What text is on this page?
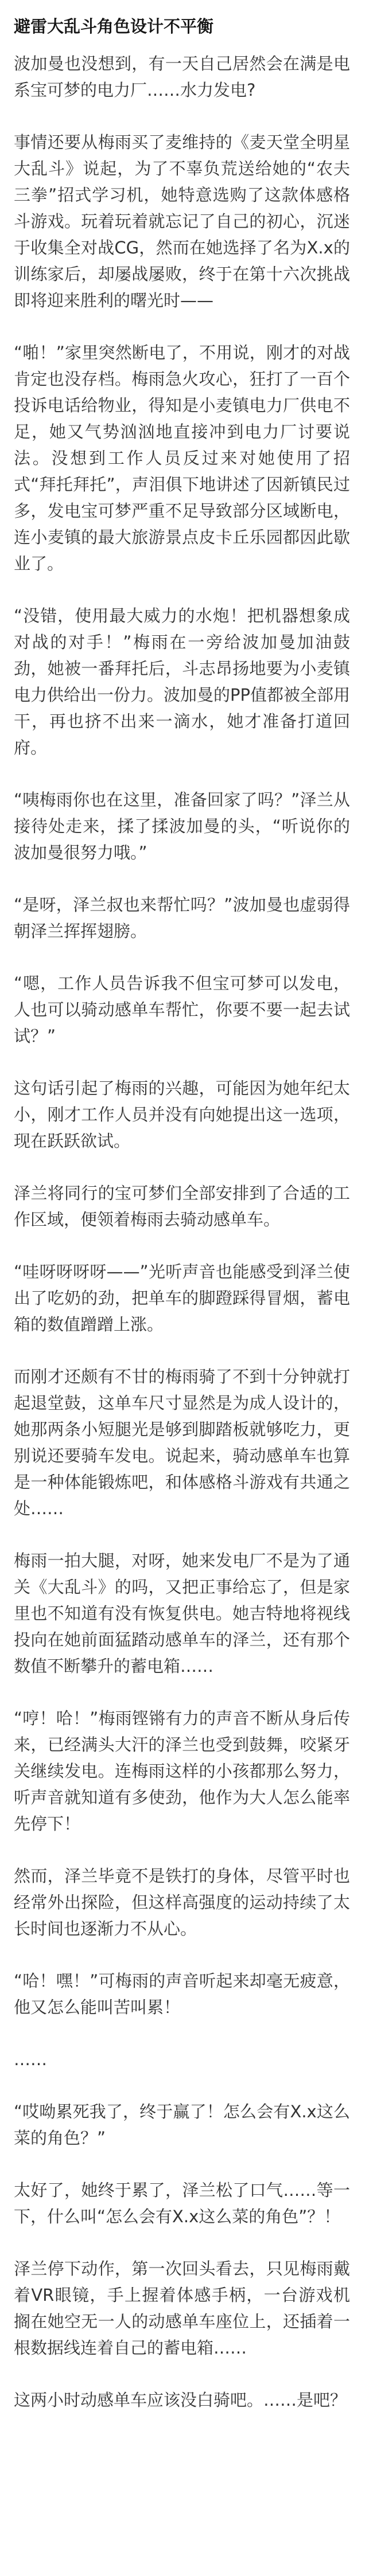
避雷大乱斗角色设计不平衡

波加曼也没想到，有一天自己居然会在满是电系宝可梦的电力厂……水力发电?

事情还要从梅雨买了麦维持的《麦天堂全明星大乱斗》说起，为了不辜负荒送给她的“农夫三拳”招式学习机，她特意选购了这款体感格斗游戏。玩着玩着就忘记了自己的初心，沉迷于收集全对战CG，然而在她选择了名为X.x的训练家后，却屡战屡败，终于在第十六次挑战即将迎来胜利的曙光时——

“啪！”家里突然断电了，不用说，刚才的对战肯定也没存档。梅雨急火攻心，狂打了一百个投诉电话给物业，得知是小麦镇电力厂供电不足，她又气势汹汹地直接冲到电力厂讨要说法。没想到工作人员反过来对她使用了招式“拜托拜托”，声泪俱下地讲述了因新镇民过多，发电宝可梦严重不足导致部分区域断电，连小麦镇的最大旅游景点皮卡丘乐园都因此歇业了。

“没错，使用最大威力的水炮！把机器想象成对战的对手！”梅雨在一旁给波加曼加油鼓劲，她被一番拜托后，斗志昂扬地要为小麦镇电力供给出一份力。波加曼的PP值都被全部用干，再也挤不出来一滴水，她才准备打道回府。

“咦梅雨你也在这里，准备回家了吗？”泽兰从接待处走来，揉了揉波加曼的头，“听说你的波加曼很努力哦。”

“是呀，泽兰叔也来帮忙吗？”波加曼也虚弱得朝泽兰挥挥翅膀。

“嗯，工作人员告诉我不但宝可梦可以发电，人也可以骑动感单车帮忙，你要不要一起去试试？”

这句话引起了梅雨的兴趣，可能因为她年纪太小，刚才工作人员并没有向她提出这一选项，现在跃跃欲试。

泽兰将同行的宝可梦们全部安排到了合适的工作区域，便领着梅雨去骑动感单车。

“哇呀呀呀呀——”光听声音也能感受到泽兰使出了吃奶的劲，把单车的脚蹬踩得冒烟，蓄电箱的数值蹭蹭上涨。

而刚才还颇有不甘的梅雨骑了不到十分钟就打起退堂鼓，这单车尺寸显然是为成人设计的，她那两条小短腿光是够到脚踏板就够吃力，更别说还要骑车发电。说起来，骑动感单车也算是一种体能锻炼吧，和体感格斗游戏有共通之处……

梅雨一拍大腿，对呀，她来发电厂不是为了通关《大乱斗》的吗，又把正事给忘了，但是家里也不知道有没有恢复供电。她吉特地将视线投向在她前面猛踏动感单车的泽兰，还有那个数值不断攀升的蓄电箱……

“哼！哈！”梅雨铿锵有力的声音不断从身后传来，已经满头大汗的泽兰也受到鼓舞，咬紧牙关继续发电。连梅雨这样的小孩都那么努力，听声音就知道有多使劲，他作为大人怎么能率先停下！

然而，泽兰毕竟不是铁打的身体，尽管平时也经常外出探险，但这样高强度的运动持续了太长时间也逐渐力不从心。

“哈！嘿！”可梅雨的声音听起来却毫无疲意，他又怎么能叫苦叫累！

……

“哎呦累死我了，终于赢了！怎么会有X.x这么菜的角色？”

太好了，她终于累了，泽兰松了口气……等一下，什么叫“怎么会有X.x这么菜的角色”？！

泽兰停下动作，第一次回头看去，只见梅雨戴着VR眼镜，手上握着体感手柄，一台游戏机搁在她空无一人的动感单车座位上，还插着一根数据线连着自己的蓄电箱……

这两小时动感单车应该没白骑吧。……是吧？
